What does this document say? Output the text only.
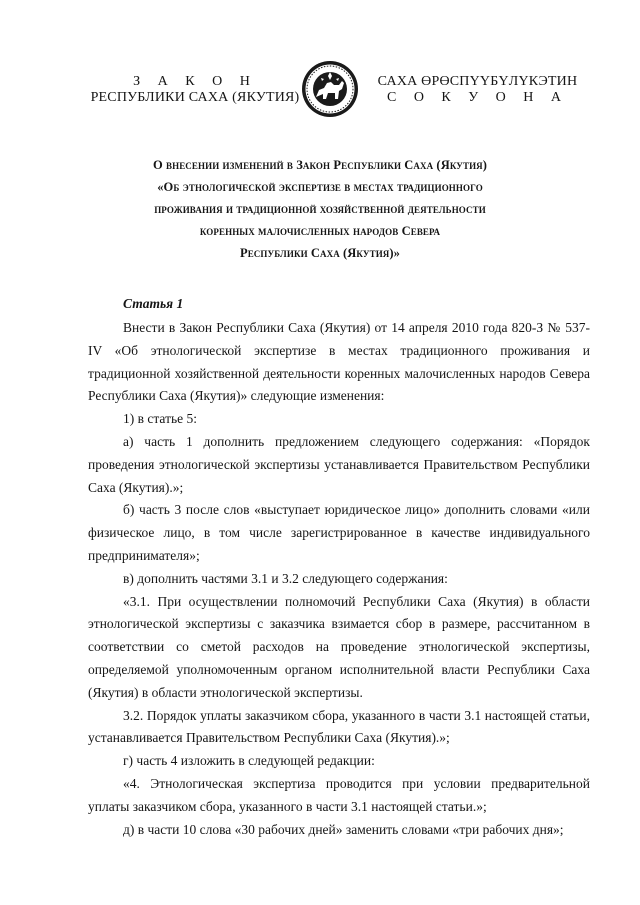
З А К О Н
РЕСПУБЛИКИ САХА (ЯКУТИЯ)
САХА ӨРӨСПҮҮБҮЛҮКЭТИН
С О К У О Н А
О внесении изменений в Закон Республики Саха (Якутия)
«Об этнологической экспертизе в местах традиционного
проживания и традиционной хозяйственной деятельности
коренных малочисленных народов Севера
Республики Саха (Якутия)»
Статья 1

Внести в Закон Республики Саха (Якутия) от 14 апреля 2010 года 820-З № 537-IV «Об этнологической экспертизе в местах традиционного проживания и традиционной хозяйственной деятельности коренных малочисленных народов Севера Республики Саха (Якутия)» следующие изменения:

1) в статье 5:

а) часть 1 дополнить предложением следующего содержания: «Порядок проведения этнологической экспертизы устанавливается Правительством Республики Саха (Якутия).»;

б) часть 3 после слов «выступает юридическое лицо» дополнить словами «или физическое лицо, в том числе зарегистрированное в качестве индивидуального предпринимателя»;

в) дополнить частями 3.1 и 3.2 следующего содержания:

«3.1. При осуществлении полномочий Республики Саха (Якутия) в области этнологической экспертизы с заказчика взимается сбор в размере, рассчитанном в соответствии со сметой расходов на проведение этнологической экспертизы, определяемой уполномоченным органом исполнительной власти Республики Саха (Якутия) в области этнологической экспертизы.

3.2. Порядок уплаты заказчиком сбора, указанного в части 3.1 настоящей статьи, устанавливается Правительством Республики Саха (Якутия).»;

г) часть 4 изложить в следующей редакции:

«4. Этнологическая экспертиза проводится при условии предварительной уплаты заказчиком сбора, указанного в части 3.1 настоящей статьи.»;

д) в части 10 слова «30 рабочих дней» заменить словами «три рабочих дня»;
